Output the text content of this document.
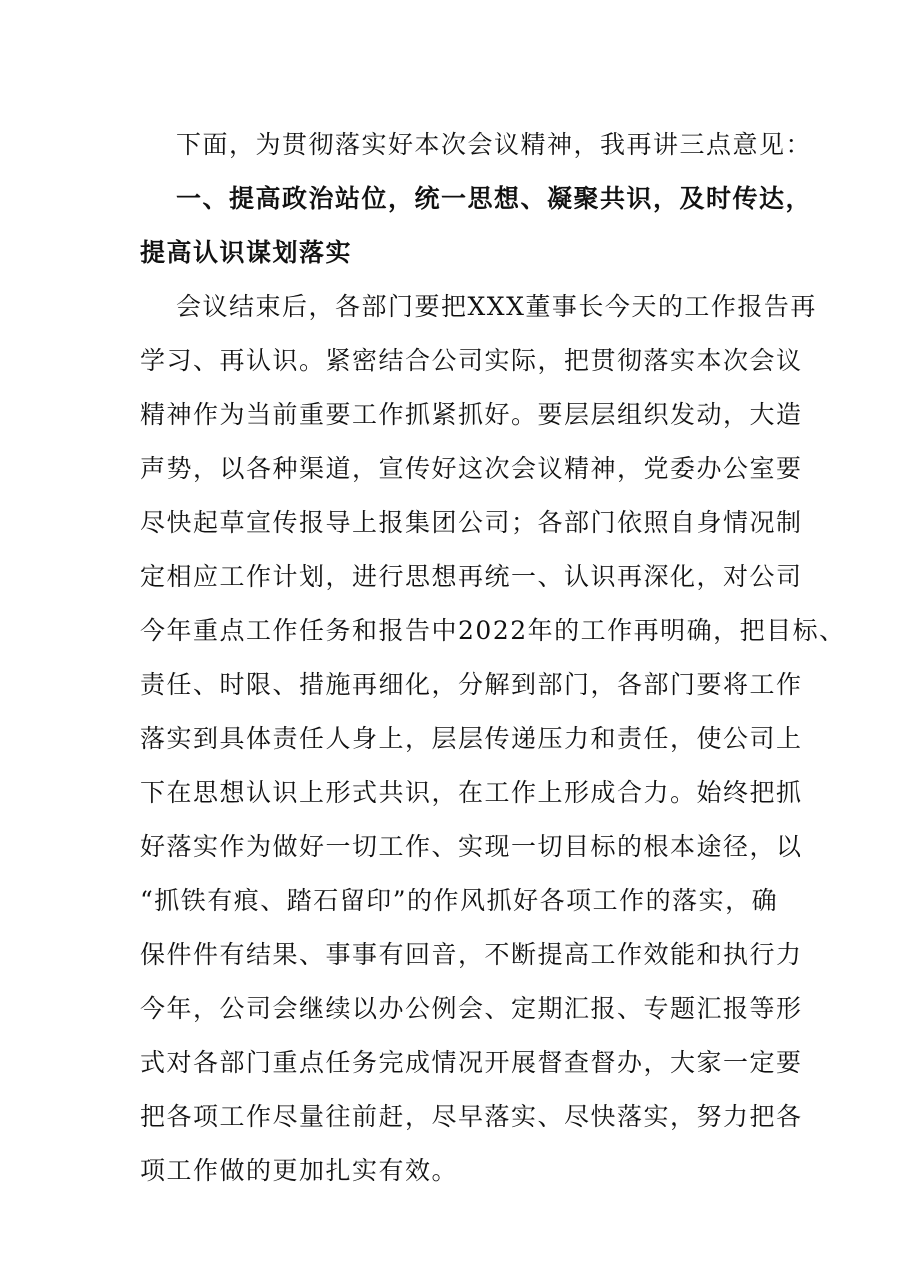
下面，为贯彻落实好本次会议精神，我再讲三点意见：
一、提高政治站位，统一思想、凝聚共识，及时传达，
提高认识谋划落实
会议结束后，各部门要把XXX董事长今天的工作报告再
学习、再认识。紧密结合公司实际，把贯彻落实本次会议
精神作为当前重要工作抓紧抓好。要层层组织发动，大造
声势，以各种渠道，宣传好这次会议精神，党委办公室要
尽快起草宣传报导上报集团公司；各部门依照自身情况制
定相应工作计划，进行思想再统一、认识再深化，对公司
今年重点工作任务和报告中2022年的工作再明确，把目标、
责任、时限、措施再细化，分解到部门，各部门要将工作
落实到具体责任人身上，层层传递压力和责任，使公司上
下在思想认识上形式共识，在工作上形成合力。始终把抓
好落实作为做好一切工作、实现一切目标的根本途径，以
“抓铁有痕、踏石留印”的作风抓好各项工作的落实，确
保件件有结果、事事有回音，不断提高工作效能和执行力
今年，公司会继续以办公例会、定期汇报、专题汇报等形
式对各部门重点任务完成情况开展督查督办，大家一定要
把各项工作尽量往前赶，尽早落实、尽快落实，努力把各
项工作做的更加扎实有效。
